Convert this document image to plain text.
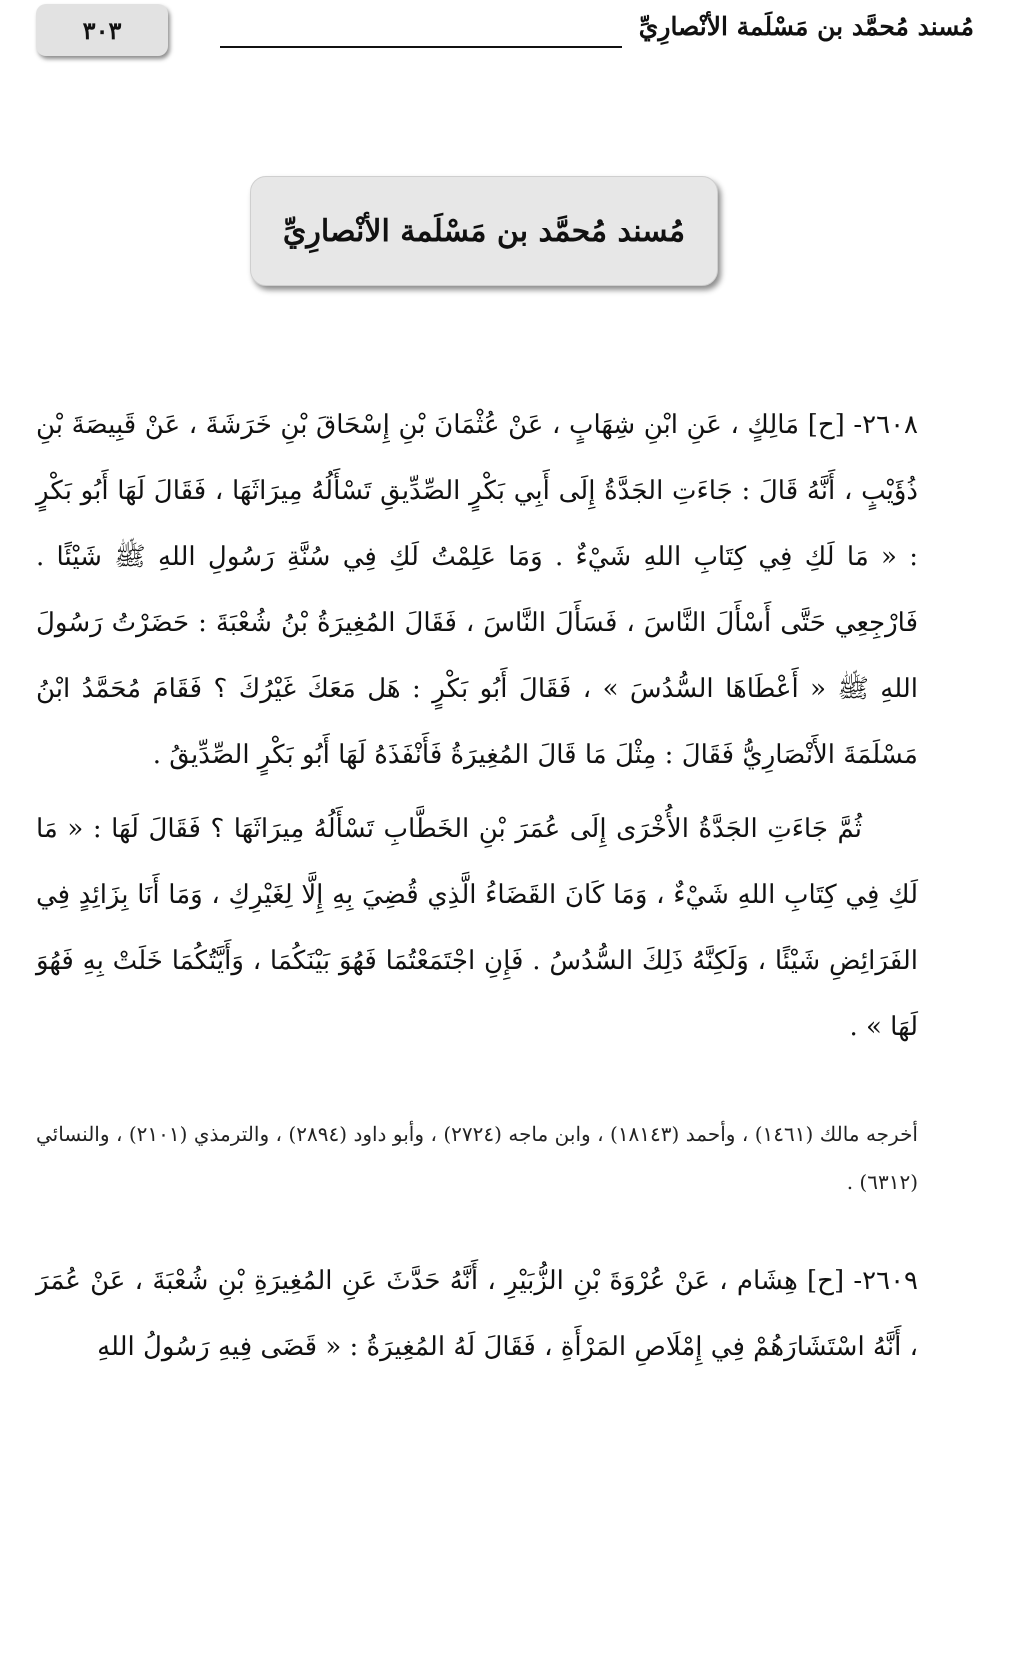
مُسند مُحمَّد بن مَسْلَمة الأنْصارِيِّ
٣٠٣
مُسند مُحمَّد بن مَسْلَمة الأنْصارِيِّ

٢٦٠٨- [ح] مَالِكٍ ، عَنِ ابْنِ شِهَابٍ ، عَنْ عُثْمَانَ بْنِ إِسْحَاقَ بْنِ خَرَشَةَ ، عَنْ قَبِيصَةَ بْنِ ذُؤَيْبٍ ، أَنَّهُ قَالَ : جَاءَتِ الجَدَّةُ إِلَى أَبِي بَكْرٍ الصِّدِّيقِ تَسْأَلُهُ مِيرَاثَهَا ، فَقَالَ لَهَا أَبُو بَكْرٍ : « مَا لَكِ فِي كِتَابِ اللهِ شَيْءٌ . وَمَا عَلِمْتُ لَكِ فِي سُنَّةِ رَسُولِ اللهِ ﷺ شَيْئًا . فَارْجِعِي حَتَّى أَسْأَلَ النَّاسَ ، فَسَأَلَ النَّاسَ ، فَقَالَ المُغِيرَةُ بْنُ شُعْبَةَ : حَضَرْتُ رَسُولَ اللهِ ﷺ « أَعْطَاهَا السُّدُسَ » ، فَقَالَ أَبُو بَكْرٍ : هَل مَعَكَ غَيْرُكَ ؟ فَقَامَ مُحَمَّدُ ابْنُ مَسْلَمَةَ الأَنْصَارِيُّ فَقَالَ : مِثْلَ مَا قَالَ المُغِيرَةُ فَأَنْفَذَهُ لَهَا أَبُو بَكْرٍ الصِّدِّيقُ .

ثُمَّ جَاءَتِ الجَدَّةُ الأُخْرَى إِلَى عُمَرَ بْنِ الخَطَّابِ تَسْأَلُهُ مِيرَاثَهَا ؟ فَقَالَ لَهَا : « مَا لَكِ فِي كِتَابِ اللهِ شَيْءٌ ، وَمَا كَانَ القَضَاءُ الَّذِي قُضِيَ بِهِ إِلَّا لِغَيْرِكِ ، وَمَا أَنَا بِزَائِدٍ فِي الفَرَائِضِ شَيْئًا ، وَلَكِنَّهُ ذَلِكَ السُّدُسُ . فَإِنِ اجْتَمَعْتُمَا فَهُوَ بَيْنَكُمَا ، وَأَيَّتُكُمَا خَلَتْ بِهِ فَهُوَ لَهَا » .

أخرجه مالك (١٤٦١) ، وأحمد (١٨١٤٣) ، وابن ماجه (٢٧٢٤) ، وأبو داود (٢٨٩٤) ، والترمذي (٢١٠١) ، والنسائي (٦٣١٢) .

٢٦٠٩- [ح] هِشَام ، عَنْ عُرْوَةَ بْنِ الزُّبَيْرِ ، أَنَّهُ حَدَّثَ عَنِ المُغِيرَةِ بْنِ شُعْبَةَ ، عَنْ عُمَرَ ، أَنَّهُ اسْتَشَارَهُمْ فِي إِمْلَاصِ المَرْأَةِ ، فَقَالَ لَهُ المُغِيرَةُ : « قَضَى فِيهِ رَسُولُ اللهِ
